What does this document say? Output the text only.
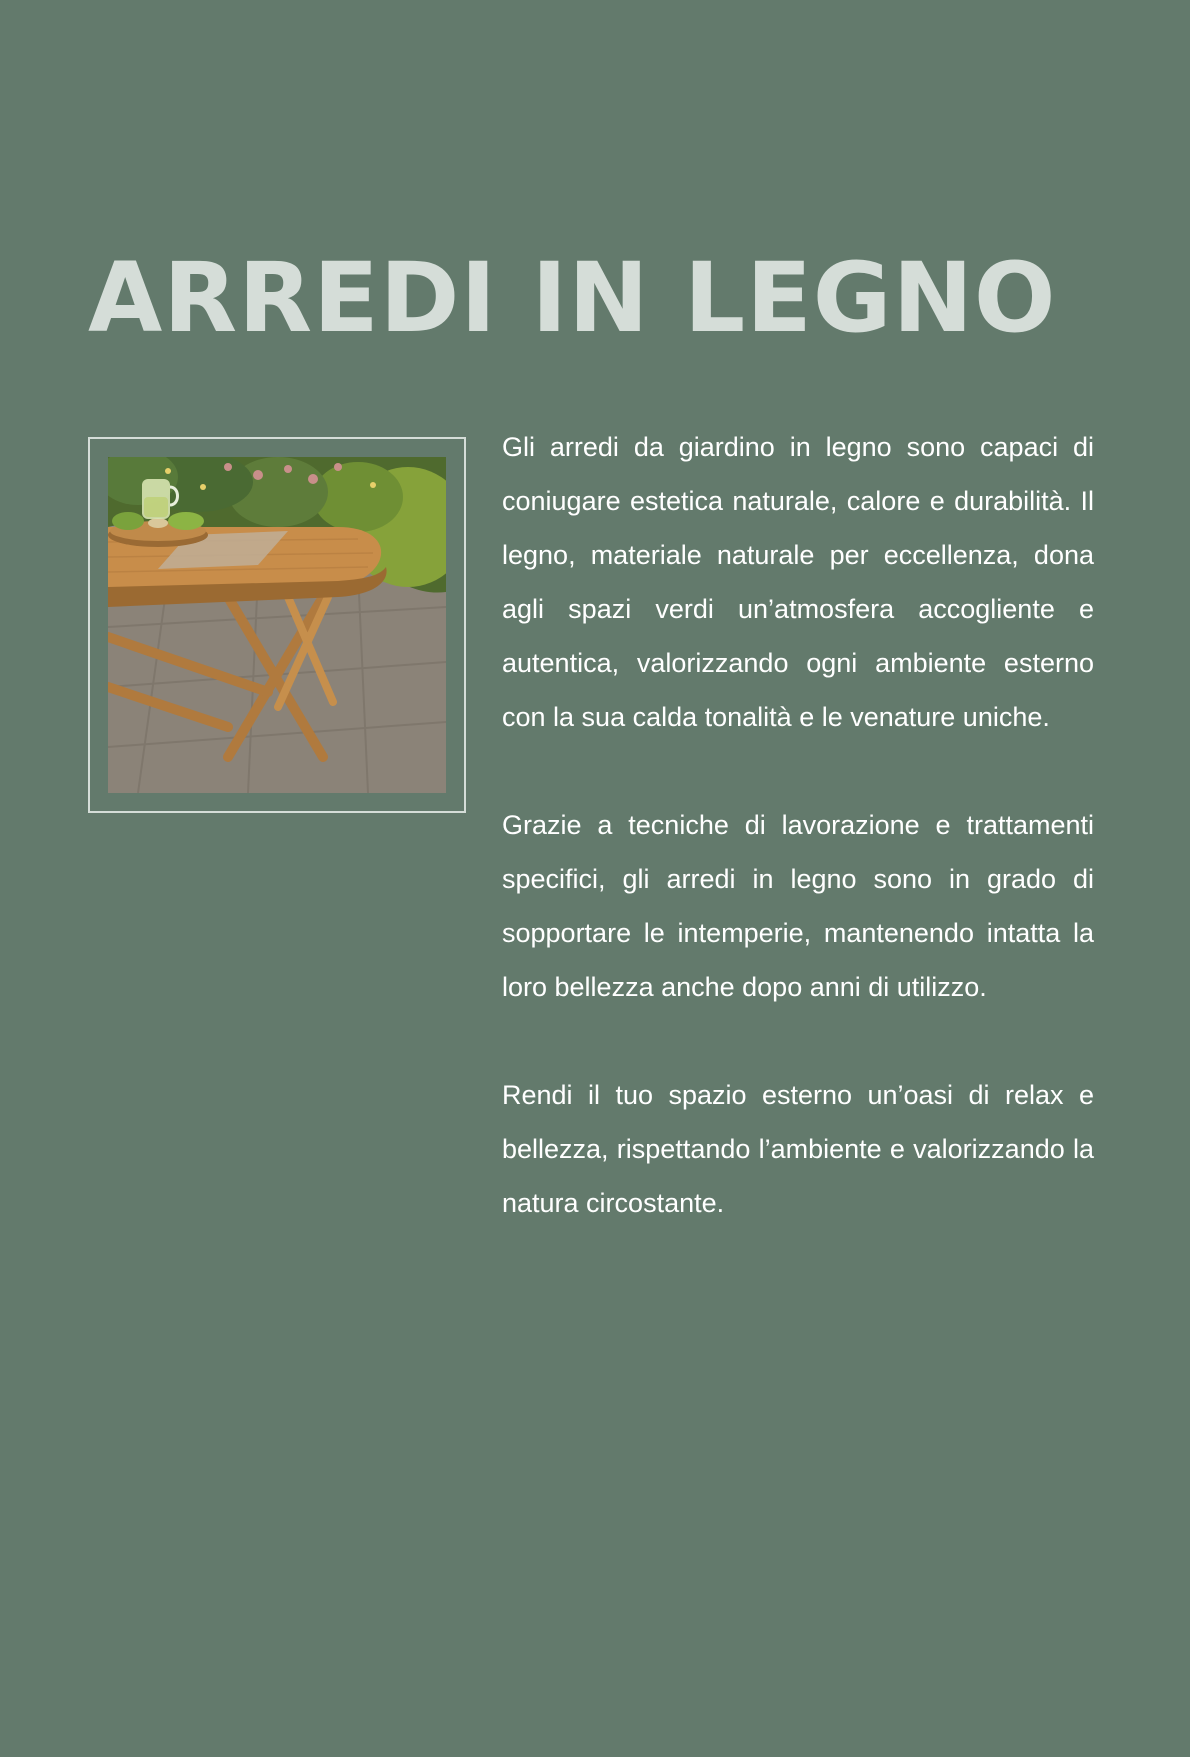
ARREDI IN LEGNO

Gli arredi da giardino in legno sono capaci di coniugare estetica naturale, calore e durabilità. Il legno, materiale naturale per eccellenza, dona agli spazi verdi un’atmosfera accogliente e autentica, valorizzando ogni ambiente esterno con la sua calda tonalità e le venature uniche.

Grazie a tecniche di lavorazione e trattamenti specifici, gli arredi in legno sono in grado di sopportare le intemperie, mantenendo intatta la loro bellezza anche dopo anni di utilizzo.

Rendi il tuo spazio esterno un’oasi di relax e bellezza, rispettando l’ambiente e valorizzando la natura circostante.
